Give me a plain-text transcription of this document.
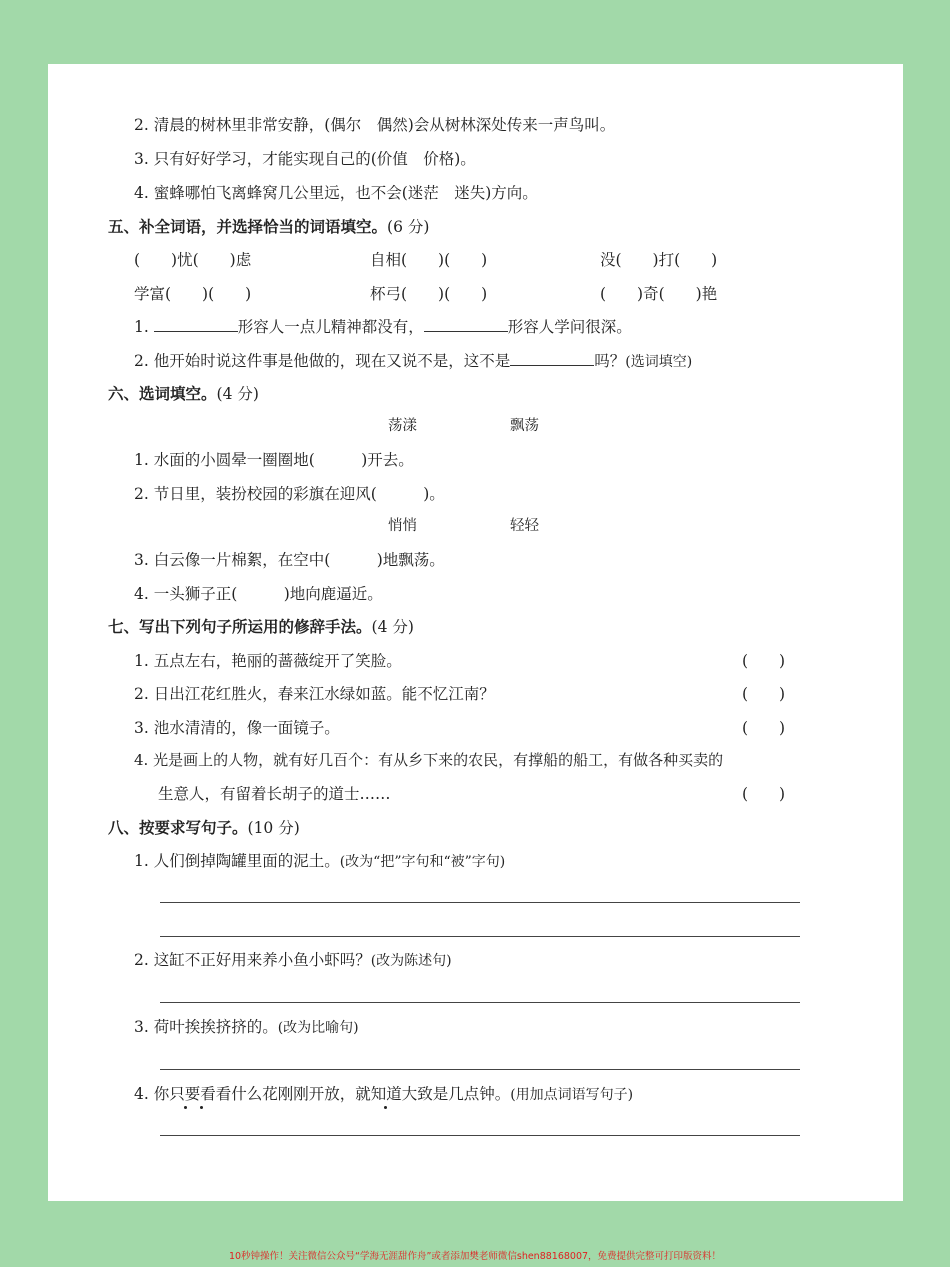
2. 清晨的树林里非常安静，(偶尔　偶然)会从树林深处传来一声鸟叫。
3. 只有好好学习，才能实现自己的(价值　价格)。
4. 蜜蜂哪怕飞离蜂窝几公里远，也不会(迷茫　迷失)方向。
五、补全词语，并选择恰当的词语填空。(6 分)
(　　)忧(　　)虑	自相(　　)(　　)	没(　　)打(　　)
学富(　　)(　　)	杯弓(　　)(　　)	(　　)奇(　　)艳
1.	形容人一点儿精神都没有，	形容人学问很深。
2. 他开始时说这件事是他做的，现在又说不是，这不是	吗？(选词填空)
六、选词填空。(4 分)
荡漾	飘荡
1. 水面的小圆晕一圈圈地(　　　)开去。
2. 节日里，装扮校园的彩旗在迎风(　　　)。
悄悄	轻轻
3. 白云像一片棉絮，在空中(　　　)地飘荡。
4. 一头狮子正(　　　)地向鹿逼近。
七、写出下列句子所运用的修辞手法。(4 分)
1. 五点左右，艳丽的蔷薇绽开了笑脸。	(　　)
2. 日出江花红胜火，春来江水绿如蓝。能不忆江南？	(　　)
3. 池水清清的，像一面镜子。	(　　)
4. 光是画上的人物，就有好几百个：有从乡下来的农民，有撑船的船工，有做各种买卖的
生意人，有留着长胡子的道士……	(　　)
八、按要求写句子。(10 分)
1. 人们倒掉陶罐里面的泥土。(改为“把”字句和“被”字句)
2. 这缸不正好用来养小鱼小虾吗？(改为陈述句)
3. 荷叶挨挨挤挤的。(改为比喻句)
4. 你只要看看什么花刚刚开放，就知道大致是几点钟。(用加点词语写句子)
10秒钟操作！关注微信公众号“学海无涯甜作舟”或者添加樊老师微信shen88168007，免费提供完整可打印版资料！
